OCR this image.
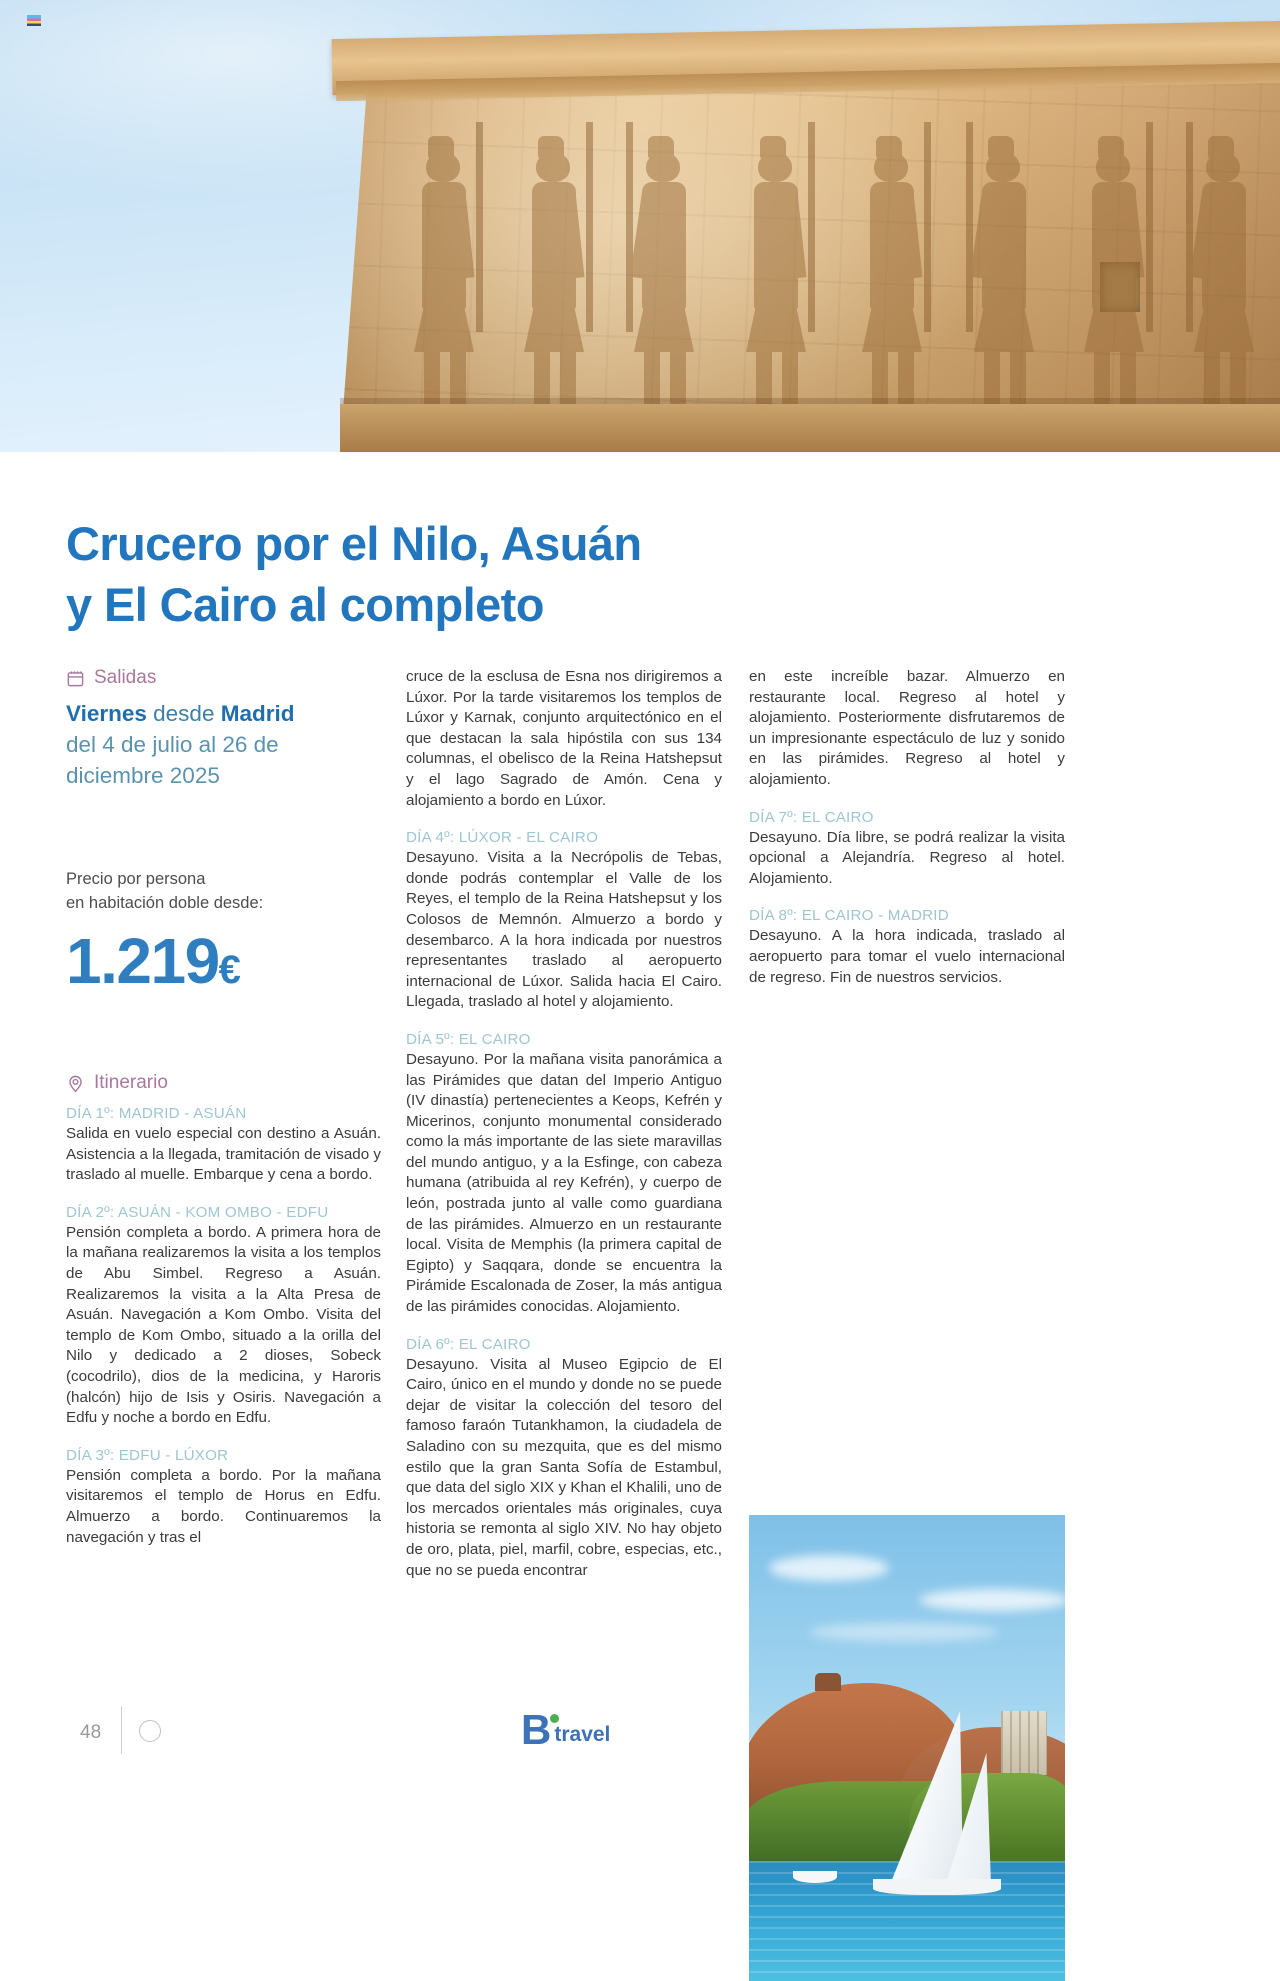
Crucero por el Nilo, Asuán
y El Cairo al completo
Salidas
Viernes desde Madrid
del 4 de julio al 26 de diciembre 2025
Precio por persona
en habitación doble desde:
1.219€
Itinerario
DÍA 1º: MADRID - ASUÁN
Salida en vuelo especial con destino a Asuán. Asistencia a la llegada, tramitación de visado y traslado al muelle. Embarque y cena a bordo.
DÍA 2º: ASUÁN - KOM OMBO - EDFU
Pensión completa a bordo. A primera hora de la mañana realizaremos la visita a los templos de Abu Simbel. Regreso a Asuán. Realizaremos la visita a la Alta Presa de Asuán. Navegación a Kom Ombo. Visita del templo de Kom Ombo, situado a la orilla del Nilo y dedicado a 2 dioses, Sobeck (cocodrilo), dios de la medicina, y Haroris (halcón) hijo de Isis y Osiris. Navegación a Edfu y noche a bordo en Edfu.
DÍA 3º: EDFU - LÚXOR
Pensión completa a bordo. Por la mañana visitaremos el templo de Horus en Edfu. Almuerzo a bordo. Continuaremos la navegación y tras el
cruce de la esclusa de Esna nos dirigiremos a Lúxor. Por la tarde visitaremos los templos de Lúxor y Karnak, conjunto arquitectónico en el que destacan la sala hipóstila con sus 134 columnas, el obelisco de la Reina Hatshepsut y el lago Sagrado de Amón. Cena y alojamiento a bordo en Lúxor.
DÍA 4º: LÚXOR - EL CAIRO
Desayuno. Visita a la Necrópolis de Tebas, donde podrás contemplar el Valle de los Reyes, el templo de la Reina Hatshepsut y los Colosos de Memnón. Almuerzo a bordo y desembarco. A la hora indicada por nuestros representantes traslado al aeropuerto internacional de Lúxor. Salida hacia El Cairo. Llegada, traslado al hotel y alojamiento.
DÍA 5º: EL CAIRO
Desayuno. Por la mañana visita panorámica a las Pirámides que datan del Imperio Antiguo (IV dinastía) pertenecientes a Keops, Kefrén y Micerinos, conjunto monumental considerado como la más importante de las siete maravillas del mundo antiguo, y a la Esfinge, con cabeza humana (atribuida al rey Kefrén), y cuerpo de león, postrada junto al valle como guardiana de las pirámides. Almuerzo en un restaurante local. Visita de Memphis (la primera capital de Egipto) y Saqqara, donde se encuentra la Pirámide Escalonada de Zoser, la más antigua de las pirámides conocidas. Alojamiento.
DÍA 6º: EL CAIRO
Desayuno. Visita al Museo Egipcio de El Cairo, único en el mundo y donde no se puede dejar de visitar la colección del tesoro del famoso faraón Tutankhamon, la ciudadela de Saladino con su mezquita, que es del mismo estilo que la gran Santa Sofía de Estambul, que data del siglo XIX y Khan el Khalili, uno de los mercados orientales más originales, cuya historia se remonta al siglo XIV. No hay objeto de oro, plata, piel, marfil, cobre, especias, etc., que no se pueda encontrar
en este increíble bazar. Almuerzo en restaurante local. Regreso al hotel y alojamiento. Posteriormente disfrutaremos de un impresionante espectáculo de luz y sonido en las pirámides. Regreso al hotel y alojamiento.
DÍA 7º: EL CAIRO
Desayuno. Día libre, se podrá realizar la visita opcional a Alejandría. Regreso al hotel. Alojamiento.
DÍA 8º: EL CAIRO - MADRID
Desayuno. A la hora indicada, traslado al aeropuerto para tomar el vuelo internacional de regreso. Fin de nuestros servicios.
48	B travel
